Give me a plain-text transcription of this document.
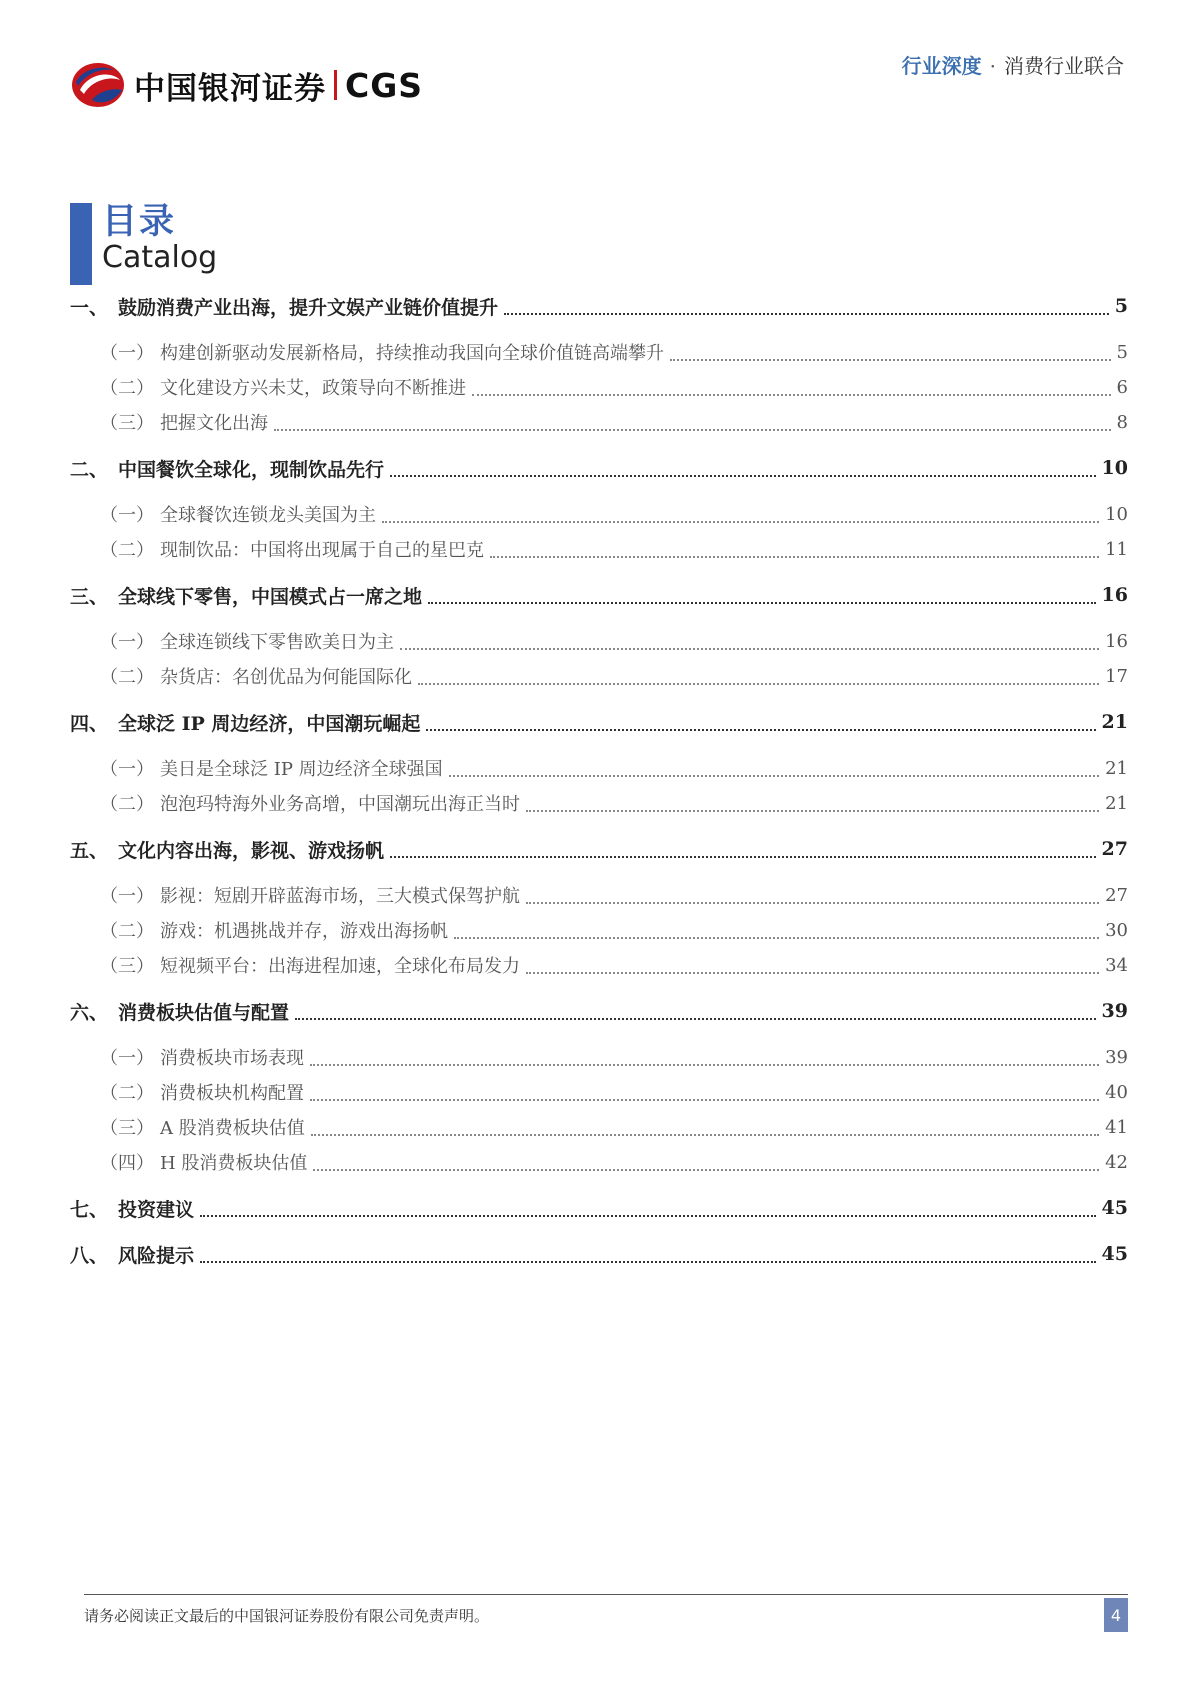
中国银河证券 CGS	行业深度 · 消费行业联合
目录
Catalog
一、 鼓励消费产业出海，提升文娱产业链价值提升	5
（一） 构建创新驱动发展新格局，持续推动我国向全球价值链高端攀升	5
（二） 文化建设方兴未艾，政策导向不断推进	6
（三） 把握文化出海	8
二、 中国餐饮全球化，现制饮品先行	10
（一） 全球餐饮连锁龙头美国为主	10
（二） 现制饮品：中国将出现属于自己的星巴克	11
三、 全球线下零售，中国模式占一席之地	16
（一） 全球连锁线下零售欧美日为主	16
（二） 杂货店：名创优品为何能国际化	17
四、 全球泛 IP 周边经济，中国潮玩崛起	21
（一） 美日是全球泛 IP 周边经济全球强国	21
（二） 泡泡玛特海外业务高增，中国潮玩出海正当时	21
五、 文化内容出海，影视、游戏扬帆	27
（一） 影视：短剧开辟蓝海市场，三大模式保驾护航	27
（二） 游戏：机遇挑战并存，游戏出海扬帆	30
（三） 短视频平台：出海进程加速，全球化布局发力	34
六、 消费板块估值与配置	39
（一） 消费板块市场表现	39
（二） 消费板块机构配置	40
（三） A 股消费板块估值	41
（四） H 股消费板块估值	42
七、 投资建议	45
八、 风险提示	45
请务必阅读正文最后的中国银河证券股份有限公司免责声明。	4
